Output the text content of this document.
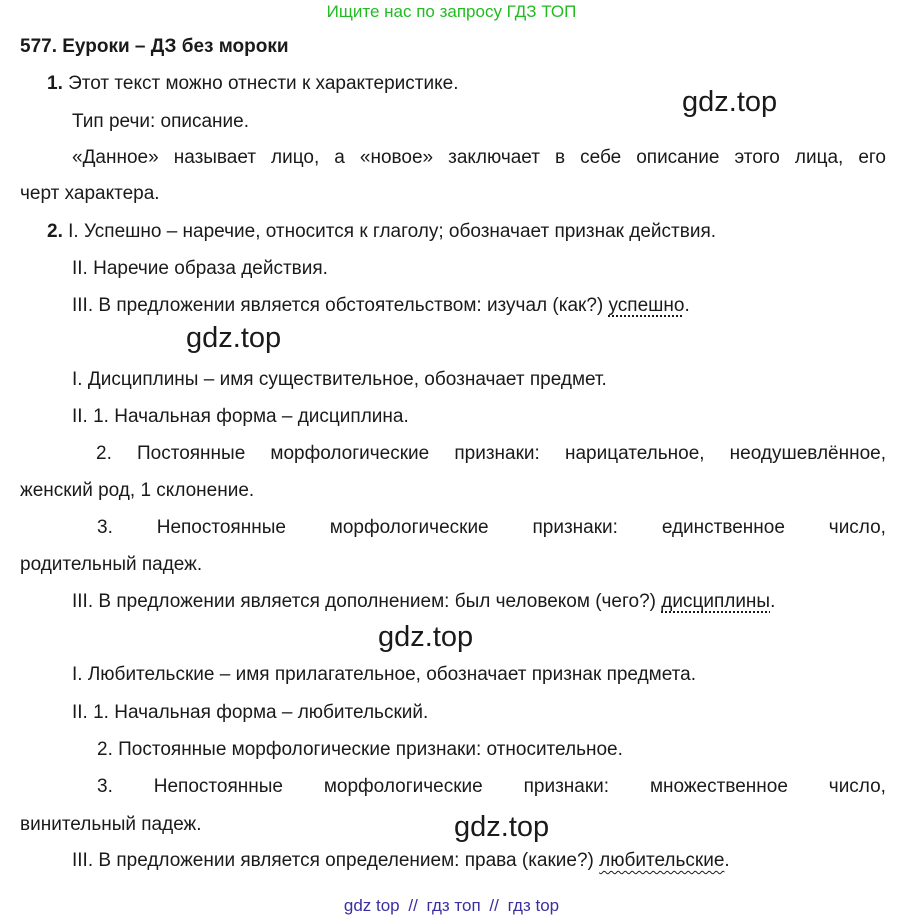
Ищите нас по запросу ГДЗ ТОП
577. Еуроки – ДЗ без мороки
1. Этот текст можно отнести к характеристике.
Тип речи: описание.
«Данное» называет лицо, а «новое» заключает в себе описание этого лица, его
черт характера.
gdz.top
2. I. Успешно – наречие, относится к глаголу; обозначает признак действия.
II. Наречие образа действия.
III. В предложении является обстоятельством: изучал (как?) успешно.
gdz.top
I. Дисциплины – имя существительное, обозначает предмет.
II. 1. Начальная форма – дисциплина.
2. Постоянные морфологические признаки: нарицательное, неодушевлённое,
женский род, 1 склонение.
3. Непостоянные морфологические признаки: единственное число,
родительный падеж.
III. В предложении является дополнением: был человеком (чего?) дисциплины.
gdz.top
I. Любительские – имя прилагательное, обозначает признак предмета.
II. 1. Начальная форма – любительский.
2. Постоянные морфологические признаки: относительное.
3. Непостоянные морфологические признаки: множественное число,
винительный падеж.	gdz.top
III. В предложении является определением: права (какие?) любительские.
gdz top // гдз топ // гдз top
